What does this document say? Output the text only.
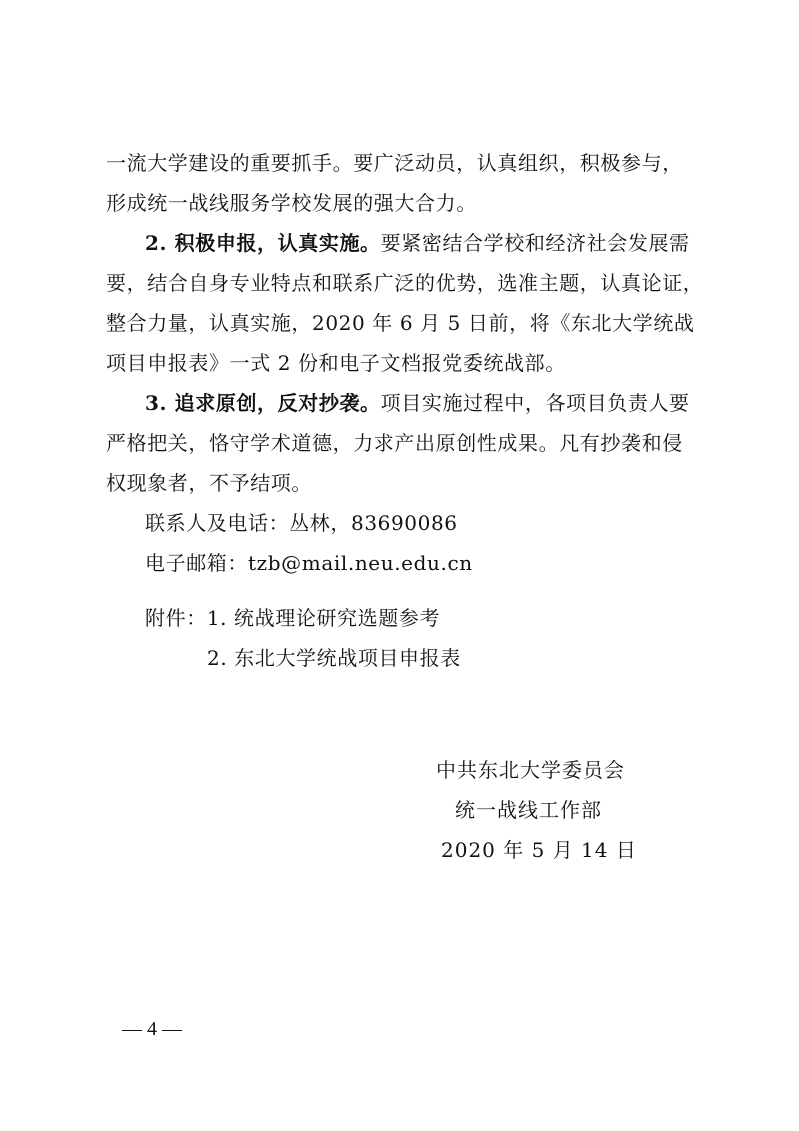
一流大学建设的重要抓手。要广泛动员，认真组织，积极参与，
形成统一战线服务学校发展的强大合力。
2. 积极申报，认真实施。要紧密结合学校和经济社会发展需
要，结合自身专业特点和联系广泛的优势，选准主题，认真论证，
整合力量，认真实施，2020 年 6 月 5 日前，将《东北大学统战
项目申报表》一式 2 份和电子文档报党委统战部。
3. 追求原创，反对抄袭。项目实施过程中，各项目负责人要
严格把关，恪守学术道德，力求产出原创性成果。凡有抄袭和侵
权现象者，不予结项。
联系人及电话：丛林，83690086
电子邮箱：tzb@mail.neu.edu.cn
附件：1. 统战理论研究选题参考
2. 东北大学统战项目申报表
中共东北大学委员会
统一战线工作部
2020 年 5 月 14 日
— 4 —
